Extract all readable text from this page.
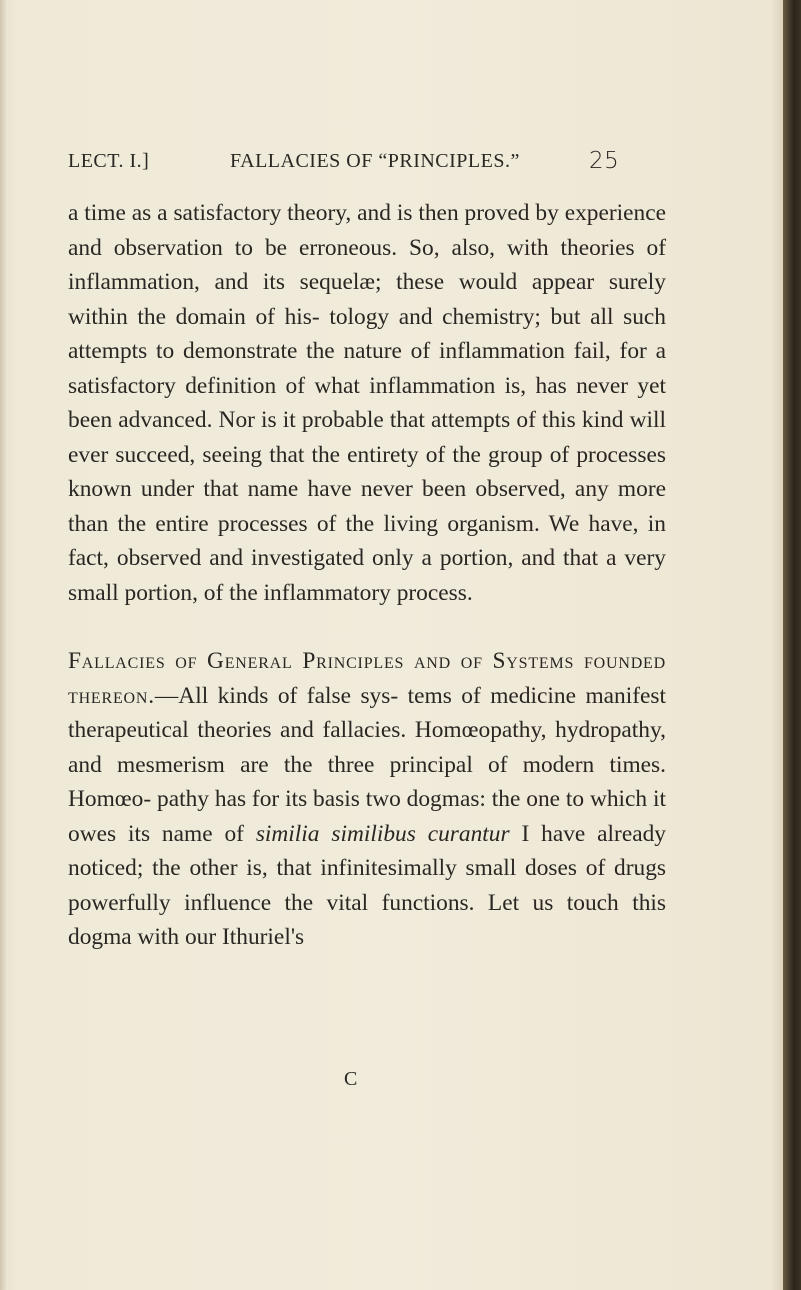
LECT. I.]	FALLACIES OF “PRINCIPLES.”	25

a time as a satisfactory theory, and is then proved by experience and observation to be erroneous. So, also, with theories of inflammation, and its sequelæ; these would appear surely within the domain of his- tology and chemistry; but all such attempts to demonstrate the nature of inflammation fail, for a satisfactory definition of what inflammation is, has never yet been advanced. Nor is it probable that attempts of this kind will ever succeed, seeing that the entirety of the group of processes known under that name have never been observed, any more than the entire processes of the living organism. We have, in fact, observed and investigated only a portion, and that a very small portion, of the inflammatory process.

Fallacies of General Principles and of Systems founded thereon.—All kinds of false sys- tems of medicine manifest therapeutical theories and fallacies. Homœopathy, hydropathy, and mesmerism are the three principal of modern times. Homœo- pathy has for its basis two dogmas: the one to which it owes its name of similia similibus curantur I have already noticed; the other is, that infinitesimally small doses of drugs powerfully influence the vital functions. Let us touch this dogma with our Ithuriel's

C
